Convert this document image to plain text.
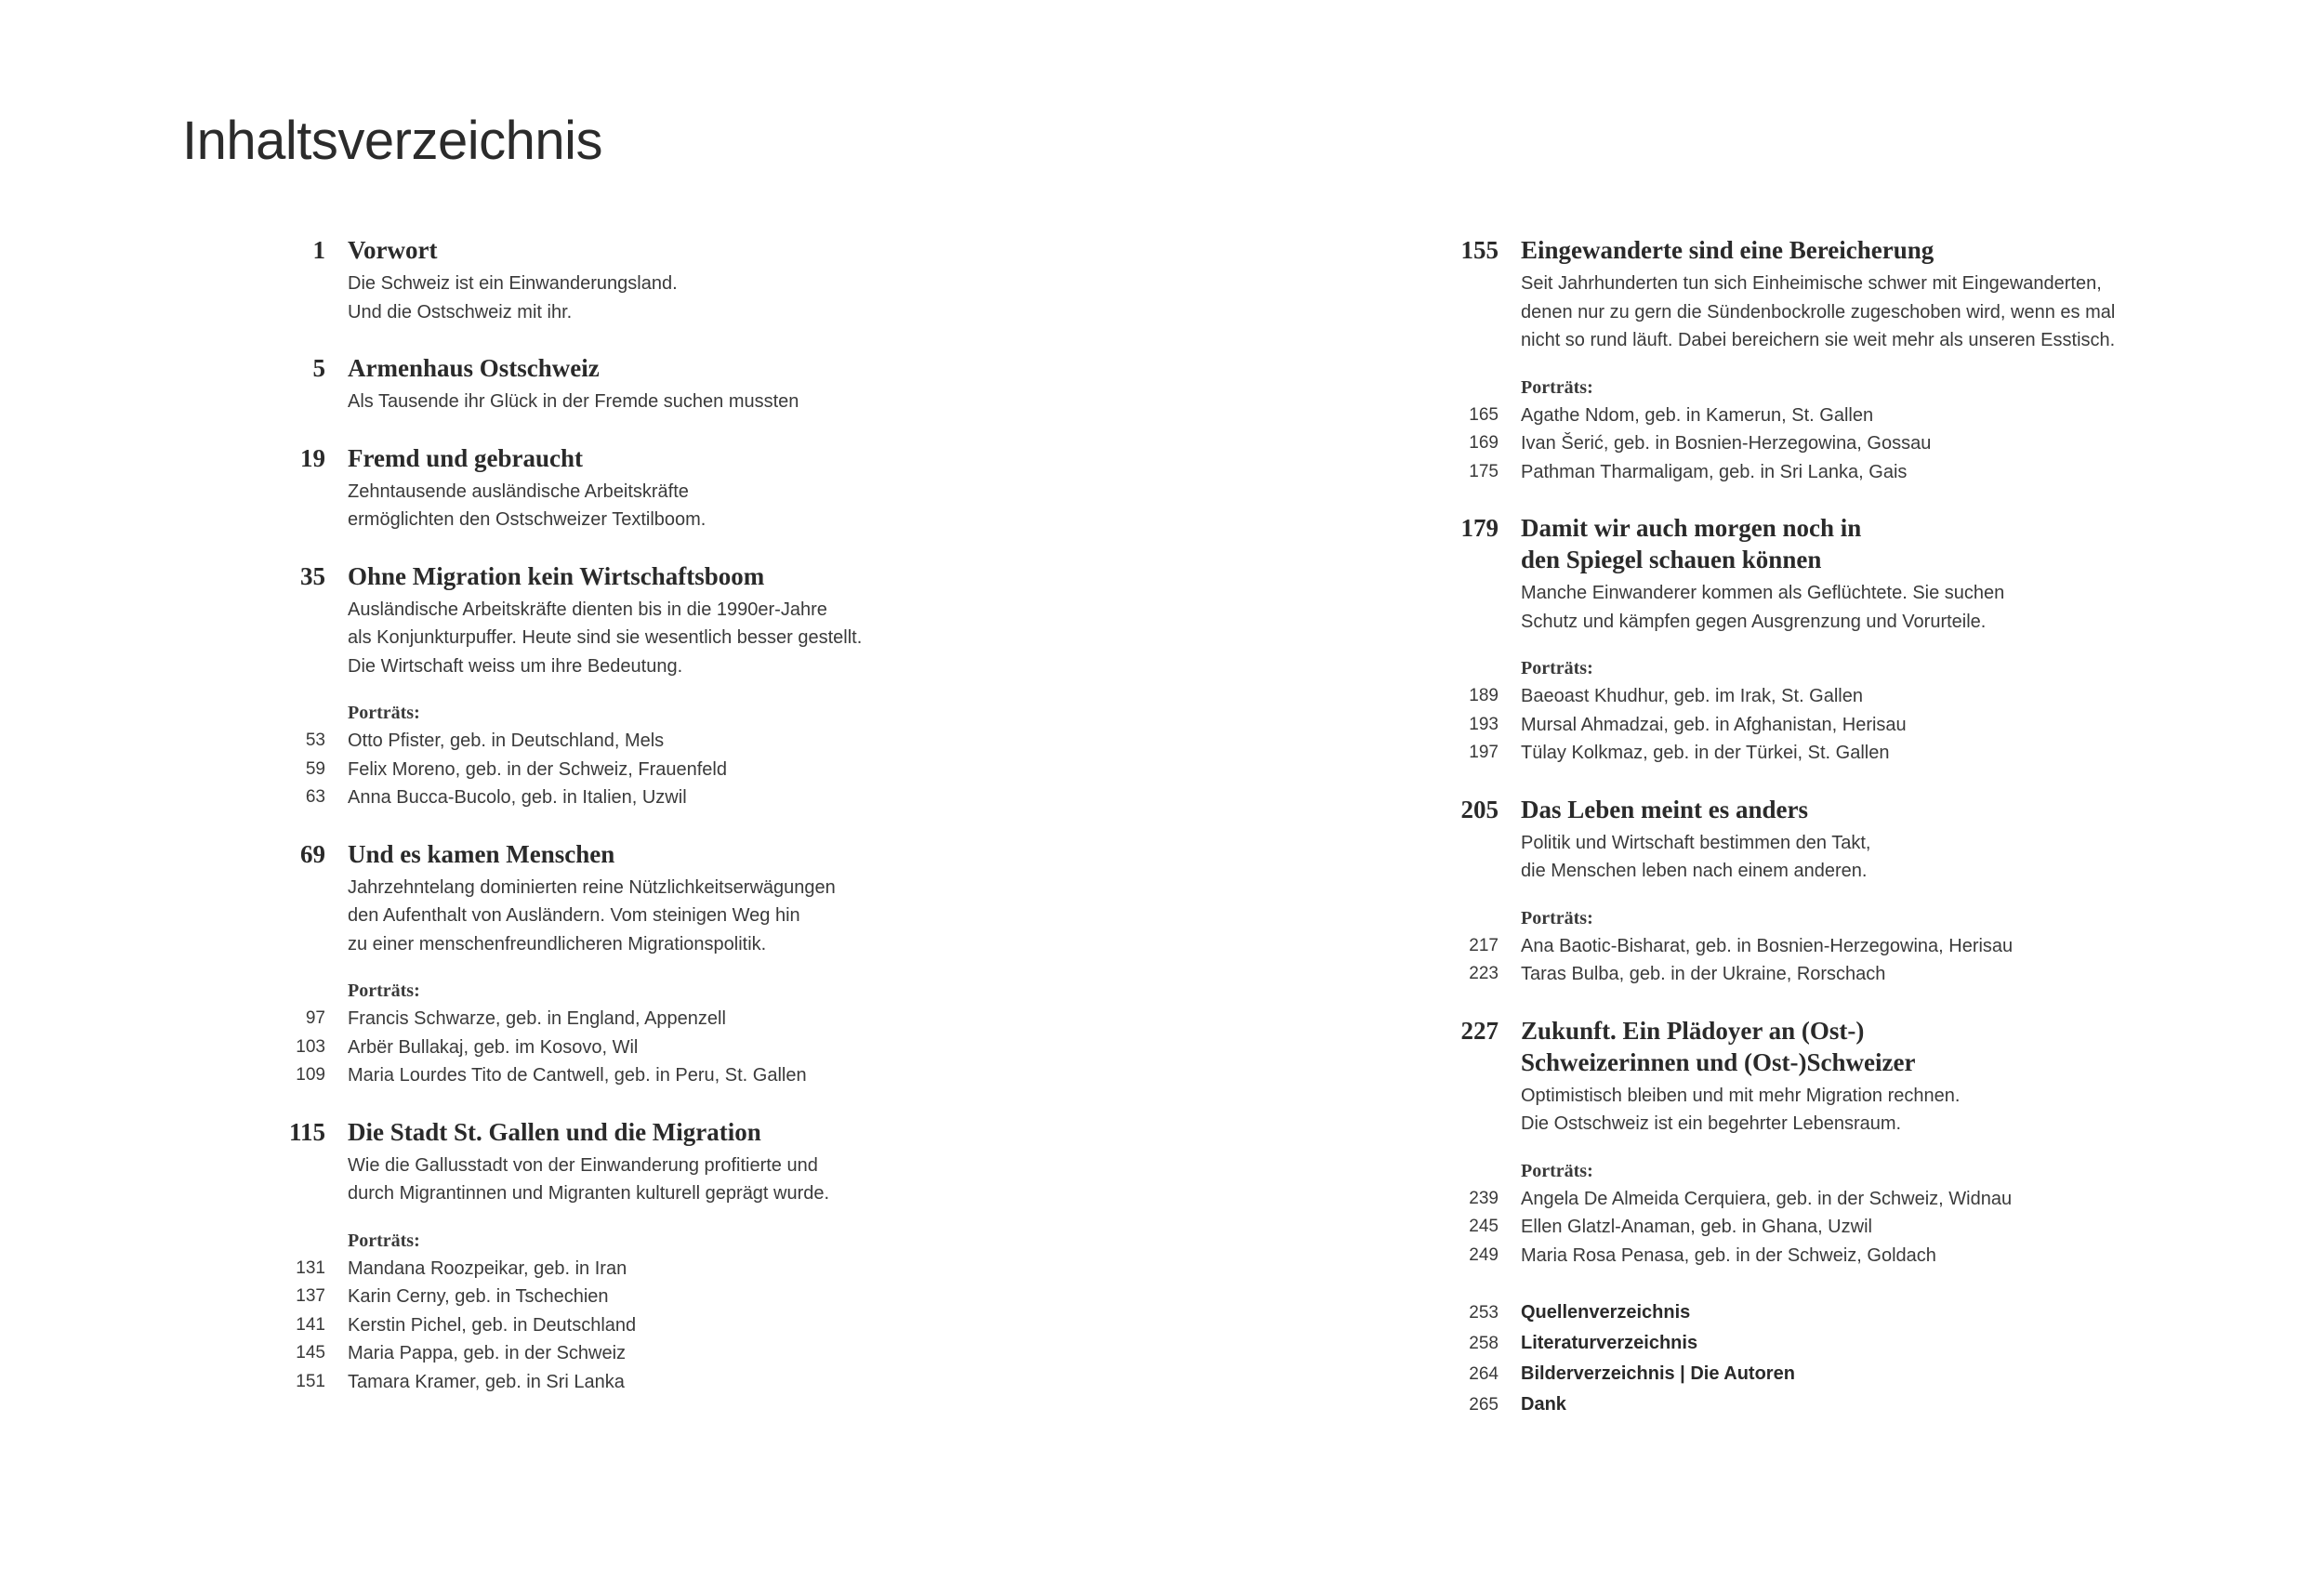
Inhaltsverzeichnis
1 Vorwort
Die Schweiz ist ein Einwanderungsland.
Und die Ostschweiz mit ihr.
5 Armenhaus Ostschweiz
Als Tausende ihr Glück in der Fremde suchen mussten
19 Fremd und gebraucht
Zehntausende ausländische Arbeitskräfte
ermöglichten den Ostschweizer Textilboom.
35 Ohne Migration kein Wirtschaftsboom
Ausländische Arbeitskräfte dienten bis in die 1990er-Jahre
als Konjunkturpuffer. Heute sind sie wesentlich besser gestellt.
Die Wirtschaft weiss um ihre Bedeutung.
Porträts:
53 Otto Pfister, geb. in Deutschland, Mels
59 Felix Moreno, geb. in der Schweiz, Frauenfeld
63 Anna Bucca-Bucolo, geb. in Italien, Uzwil
69 Und es kamen Menschen
Jahrzehntelang dominierten reine Nützlichkeitserwägungen
den Aufenthalt von Ausländern. Vom steinigen Weg hin
zu einer menschenfreundlicheren Migrationspolitik.
Porträts:
97 Francis Schwarze, geb. in England, Appenzell
103 Arbër Bullakaj, geb. im Kosovo, Wil
109 Maria Lourdes Tito de Cantwell, geb. in Peru, St. Gallen
115 Die Stadt St. Gallen und die Migration
Wie die Gallusstadt von der Einwanderung profitierte und
durch Migrantinnen und Migranten kulturell geprägt wurde.
Porträts:
131 Mandana Roozpeikar, geb. in Iran
137 Karin Cerny, geb. in Tschechien
141 Kerstin Pichel, geb. in Deutschland
145 Maria Pappa, geb. in der Schweiz
151 Tamara Kramer, geb. in Sri Lanka
155 Eingewanderte sind eine Bereicherung
Seit Jahrhunderten tun sich Einheimische schwer mit Eingewanderten,
denen nur zu gern die Sündenbockrolle zugeschoben wird, wenn es mal
nicht so rund läuft. Dabei bereichern sie weit mehr als unseren Esstisch.
Porträts:
165 Agathe Ndom, geb. in Kamerun, St. Gallen
169 Ivan Šerić, geb. in Bosnien-Herzegowina, Gossau
175 Pathman Tharmaligam, geb. in Sri Lanka, Gais
179 Damit wir auch morgen noch in
den Spiegel schauen können
Manche Einwanderer kommen als Geflüchtete. Sie suchen
Schutz und kämpfen gegen Ausgrenzung und Vorurteile.
Porträts:
189 Baeoast Khudhur, geb. im Irak, St. Gallen
193 Mursal Ahmadzai, geb. in Afghanistan, Herisau
197 Tülay Kolkmaz, geb. in der Türkei, St. Gallen
205 Das Leben meint es anders
Politik und Wirtschaft bestimmen den Takt,
die Menschen leben nach einem anderen.
Porträts:
217 Ana Baotic-Bisharat, geb. in Bosnien-Herzegowina, Herisau
223 Taras Bulba, geb. in der Ukraine, Rorschach
227 Zukunft. Ein Plädoyer an (Ost-)
Schweizerinnen und (Ost-)Schweizer
Optimistisch bleiben und mit mehr Migration rechnen.
Die Ostschweiz ist ein begehrter Lebensraum.
Porträts:
239 Angela De Almeida Cerquiera, geb. in der Schweiz, Widnau
245 Ellen Glatzl-Anaman, geb. in Ghana, Uzwil
249 Maria Rosa Penasa, geb. in der Schweiz, Goldach
253 Quellenverzeichnis
258 Literaturverzeichnis
264 Bilderverzeichnis | Die Autoren
265 Dank
